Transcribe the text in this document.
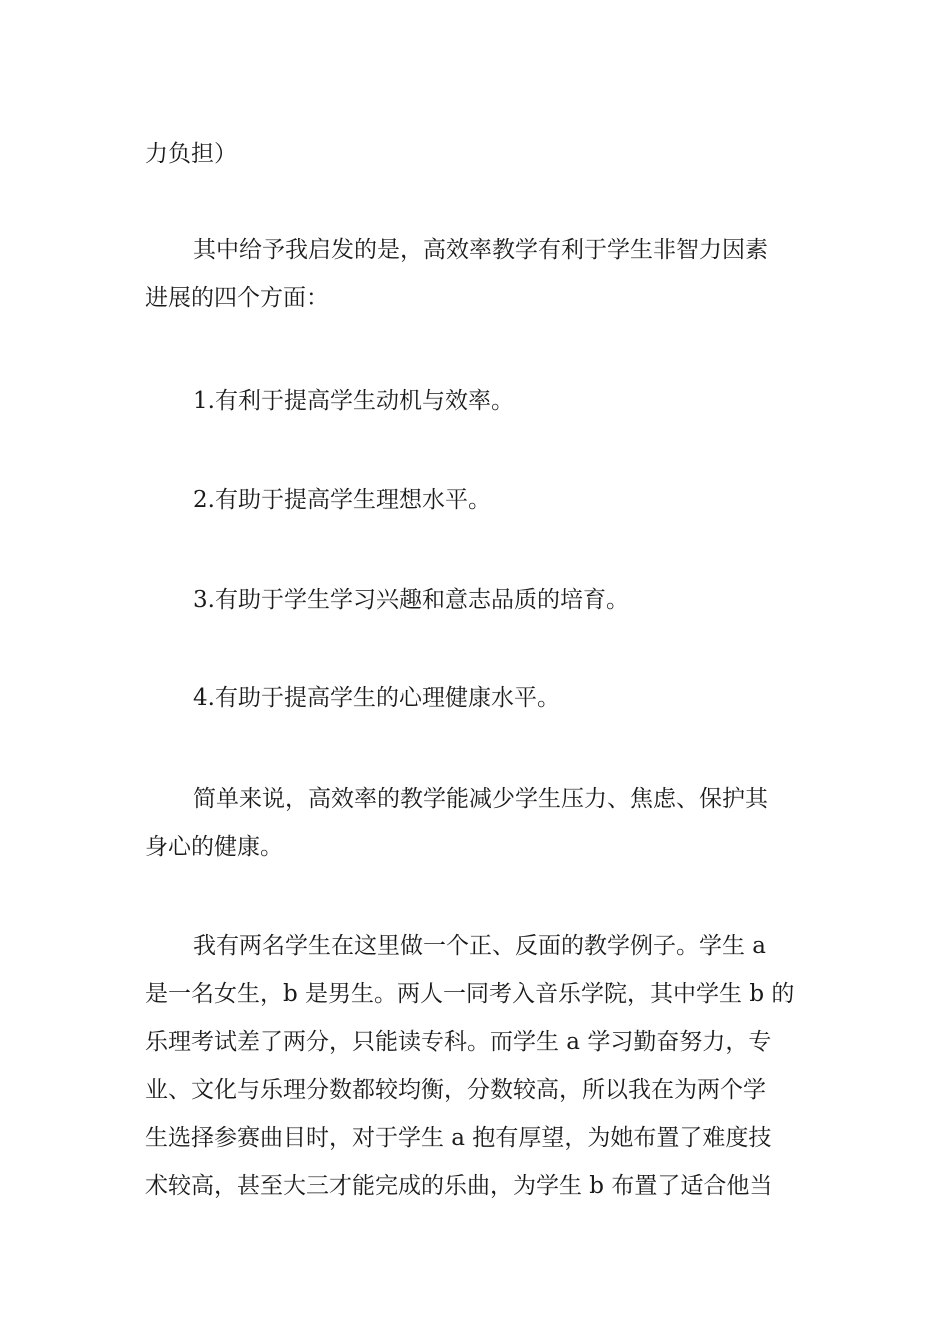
力负担）
其中给予我启发的是，高效率教学有利于学生非智力因素
进展的四个方面：
1.有利于提高学生动机与效率。
2.有助于提高学生理想水平。
3.有助于学生学习兴趣和意志品质的培育。
4.有助于提高学生的心理健康水平。
简单来说，高效率的教学能减少学生压力、焦虑、保护其
身心的健康。
我有两名学生在这里做一个正、反面的教学例子。学生 a
是一名女生，b 是男生。两人一同考入音乐学院，其中学生 b 的
乐理考试差了两分，只能读专科。而学生 a 学习勤奋努力，专
业、文化与乐理分数都较均衡，分数较高，所以我在为两个学
生选择参赛曲目时，对于学生 a 抱有厚望，为她布置了难度技
术较高，甚至大三才能完成的乐曲，为学生 b 布置了适合他当
